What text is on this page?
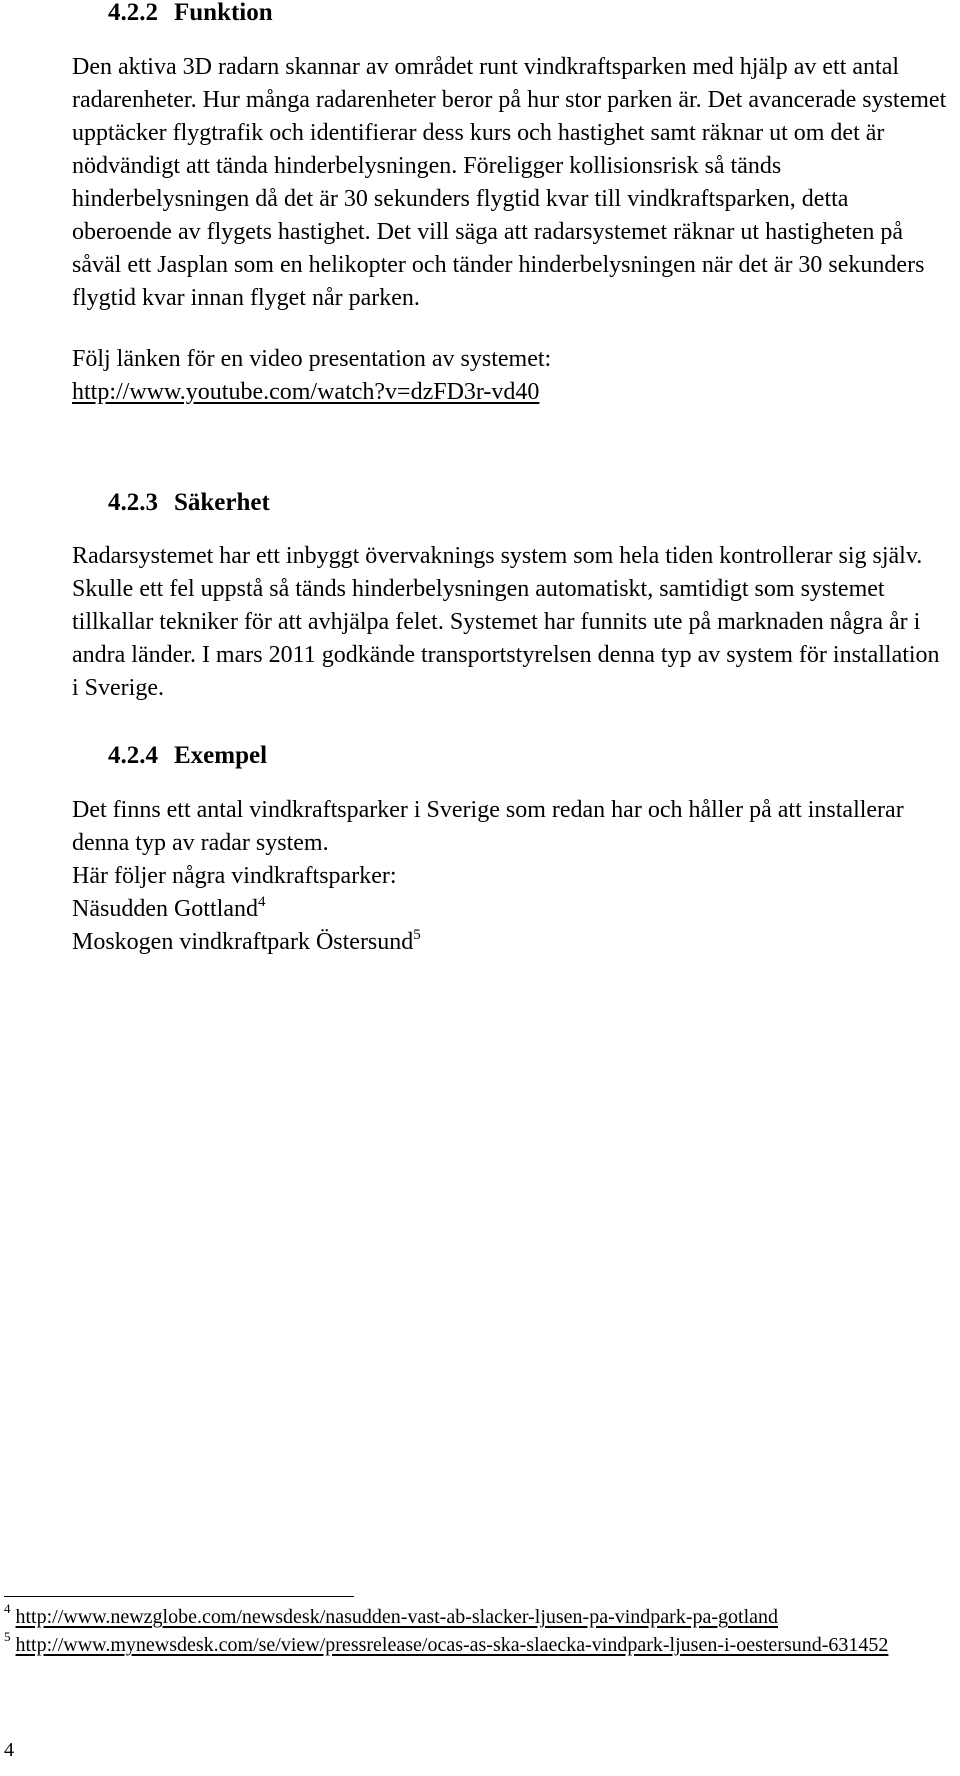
4.2.2 Funktion

Den aktiva 3D radarn skannar av området runt vindkraftsparken med hjälp av ett antal radarenheter. Hur många radarenheter beror på hur stor parken är. Det avancerade systemet upptäcker flygtrafik och identifierar dess kurs och hastighet samt räknar ut om det är nödvändigt att tända hinderbelysningen. Föreligger kollisionsrisk så tänds hinderbelysningen då det är 30 sekunders flygtid kvar till vindkraftsparken, detta oberoende av flygets hastighet. Det vill säga att radarsystemet räknar ut hastigheten på såväl ett Jasplan som en helikopter och tänder hinderbelysningen när det är 30 sekunders flygtid kvar innan flyget når parken.

Följ länken för en video presentation av systemet:
http://www.youtube.com/watch?v=dzFD3r-vd40

4.2.3 Säkerhet

Radarsystemet har ett inbyggt övervaknings system som hela tiden kontrollerar sig själv. Skulle ett fel uppstå så tänds hinderbelysningen automatiskt, samtidigt som systemet tillkallar tekniker för att avhjälpa felet. Systemet har funnits ute på marknaden några år i andra länder. I mars 2011 godkände transportstyrelsen denna typ av system för installation i Sverige.

4.2.4 Exempel

Det finns ett antal vindkraftsparker i Sverige som redan har och håller på att installerar denna typ av radar system.
Här följer några vindkraftsparker:
Näsudden Gottland$^4$
Moskogen vindkraftpark Östersund$^5$

$^4$ http://www.newzglobe.com/newsdesk/nasudden-vast-ab-slacker-ljusen-pa-vindpark-pa-gotland
$^5$ http://www.mynewsdesk.com/se/view/pressrelease/ocas-as-ska-slaecka-vindpark-ljusen-i-oestersund-631452
4
